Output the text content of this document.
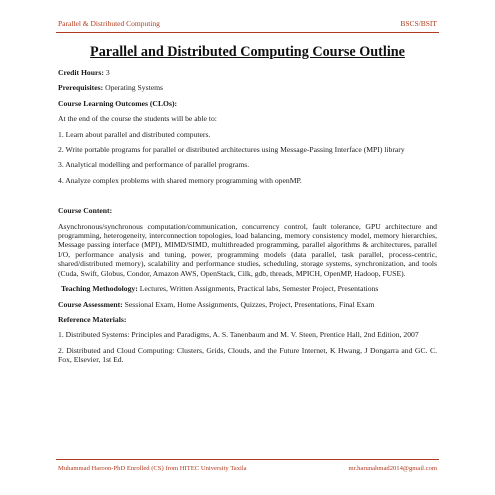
Parallel & Distributed Computing	BSCS/BSIT
Parallel and Distributed Computing Course Outline

Credit Hours: 3

Prerequisites: Operating Systems

Course Learning Outcomes (CLOs):

At the end of the course the students will be able to:

1. Learn about parallel and distributed computers.

2. Write portable programs for parallel or distributed architectures using Message-Passing Interface (MPI) library

3. Analytical modelling and performance of parallel programs.

4. Analyze complex problems with shared memory programming with openMP.

Course Content:

Asynchronous/synchronous computation/communication, concurrency control, fault tolerance, GPU architecture and programming, heterogeneity, interconnection topologies, load balancing, memory consistency model, memory hierarchies, Message passing interface (MPI), MIMD/SIMD, multithreaded programming, parallel algorithms & architectures, parallel I/O, performance analysis and tuning, power, programming models (data parallel, task parallel, process-centric, shared/distributed memory), scalability and performance studies, scheduling, storage systems, synchronization, and tools (Cuda, Swift, Globus, Condor, Amazon AWS, OpenStack, Cilk, gdb, threads, MPICH, OpenMP, Hadoop, FUSE).

Teaching Methodology: Lectures, Written Assignments, Practical labs, Semester Project, Presentations

Course Assessment: Sessional Exam, Home Assignments, Quizzes, Project, Presentations, Final Exam

Reference Materials:

1. Distributed Systems: Principles and Paradigms, A. S. Tanenbaum and M. V. Steen, Prentice Hall, 2nd Edition, 2007

2. Distributed and Cloud Computing: Clusters, Grids, Clouds, and the Future Internet, K Hwang, J Dongarra and GC. C. Fox, Elsevier, 1st Ed.

Muhammad Haroon-PhD Enrolled (CS) from HITEC University Taxila	mr.harunahmad2014@gmail.com
